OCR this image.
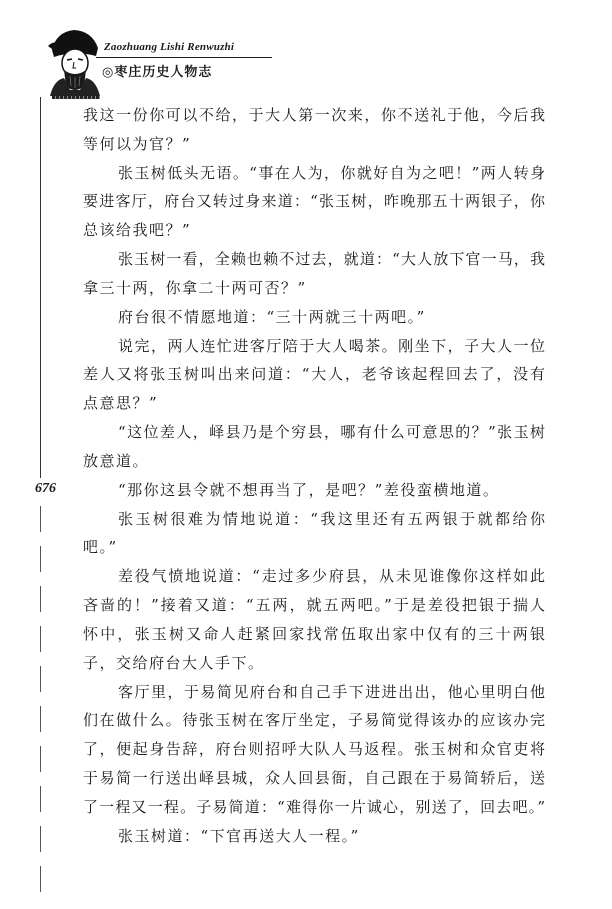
Zaozhuang Lishi Renwuzhi
◎枣庄历史人物志
676
我这一份你可以不给，于大人第一次来，你不送礼于他，今后我
等何以为官？”
张玉树低头无语。“事在人为，你就好自为之吧！”两人转身
要进客厅，府台又转过身来道：“张玉树，昨晚那五十两银子，你
总该给我吧？”
张玉树一看，全赖也赖不过去，就道：“大人放下官一马，我
拿三十两，你拿二十两可否？”
府台很不情愿地道：“三十两就三十两吧。”
说完，两人连忙进客厅陪于大人喝茶。刚坐下，子大人一位
差人又将张玉树叫出来问道：“大人，老爷该起程回去了，没有
点意思？”
“这位差人，峄县乃是个穷县，哪有什么可意思的？”张玉树
放意道。
“那你这县令就不想再当了，是吧？”差役蛮横地道。
张玉树很难为情地说道：“我这里还有五两银于就都给你
吧。”
差役气愤地说道：“走过多少府县，从未见谁像你这样如此
吝啬的！”接着又道：“五两，就五两吧。”于是差役把银于揣人
怀中，张玉树又命人赶紧回家找常伍取出家中仅有的三十两银
子，交给府台大人手下。
客厅里，于易简见府台和自己手下进进出出，他心里明白他
们在做什么。待张玉树在客厅坐定，子易简觉得该办的应该办完
了，便起身告辞，府台则招呼大队人马返程。张玉树和众官吏将
于易简一行送出峄县城，众人回县衙，自己跟在于易简轿后，送
了一程又一程。子易简道：“难得你一片诚心，别送了，回去吧。”
张玉树道：“下官再送大人一程。”
